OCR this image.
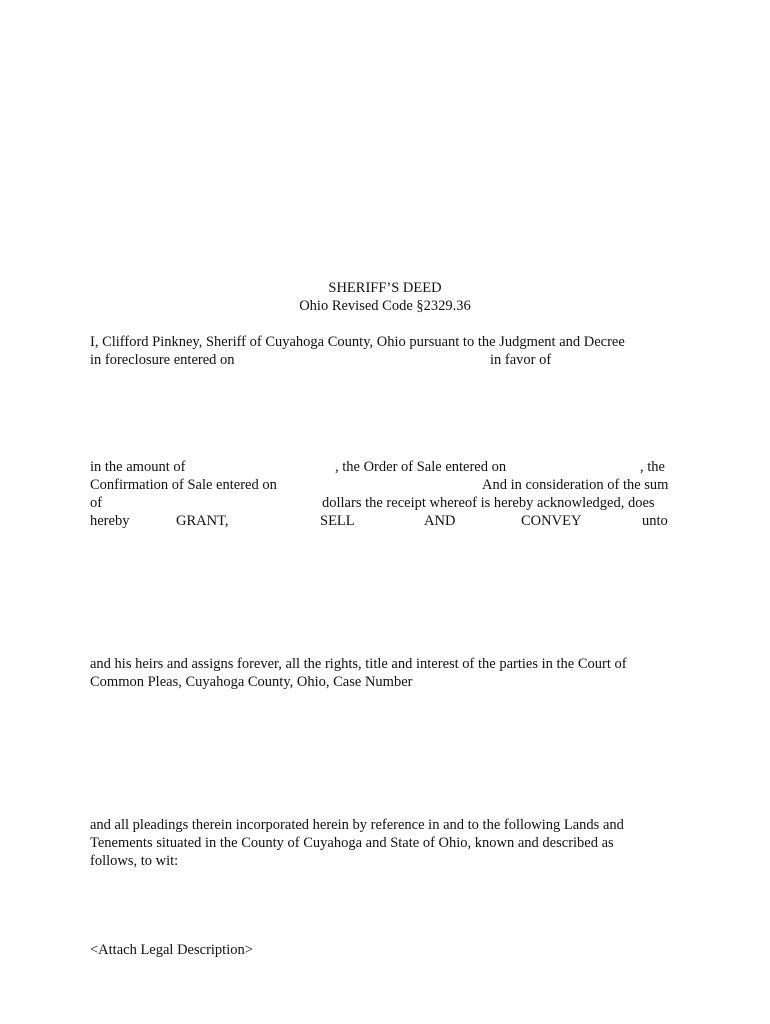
SHERIFF’S DEED
Ohio Revised Code §2329.36
I, Clifford Pinkney, Sheriff of Cuyahoga County, Ohio pursuant to the Judgment and Decree
in foreclosure entered on	in favor of
in the amount of	, the Order of Sale entered on	, the
Confirmation of Sale entered on	And in consideration of the sum
of	dollars the receipt whereof is hereby acknowledged, does
hereby	GRANT,	SELL	AND	CONVEY	unto
and his heirs and assigns forever, all the rights, title and interest of the parties in the Court of
Common Pleas, Cuyahoga County, Ohio, Case Number
and all pleadings therein incorporated herein by reference in and to the following Lands and
Tenements situated in the County of Cuyahoga and State of Ohio, known and described as
follows, to wit:
<Attach Legal Description>
